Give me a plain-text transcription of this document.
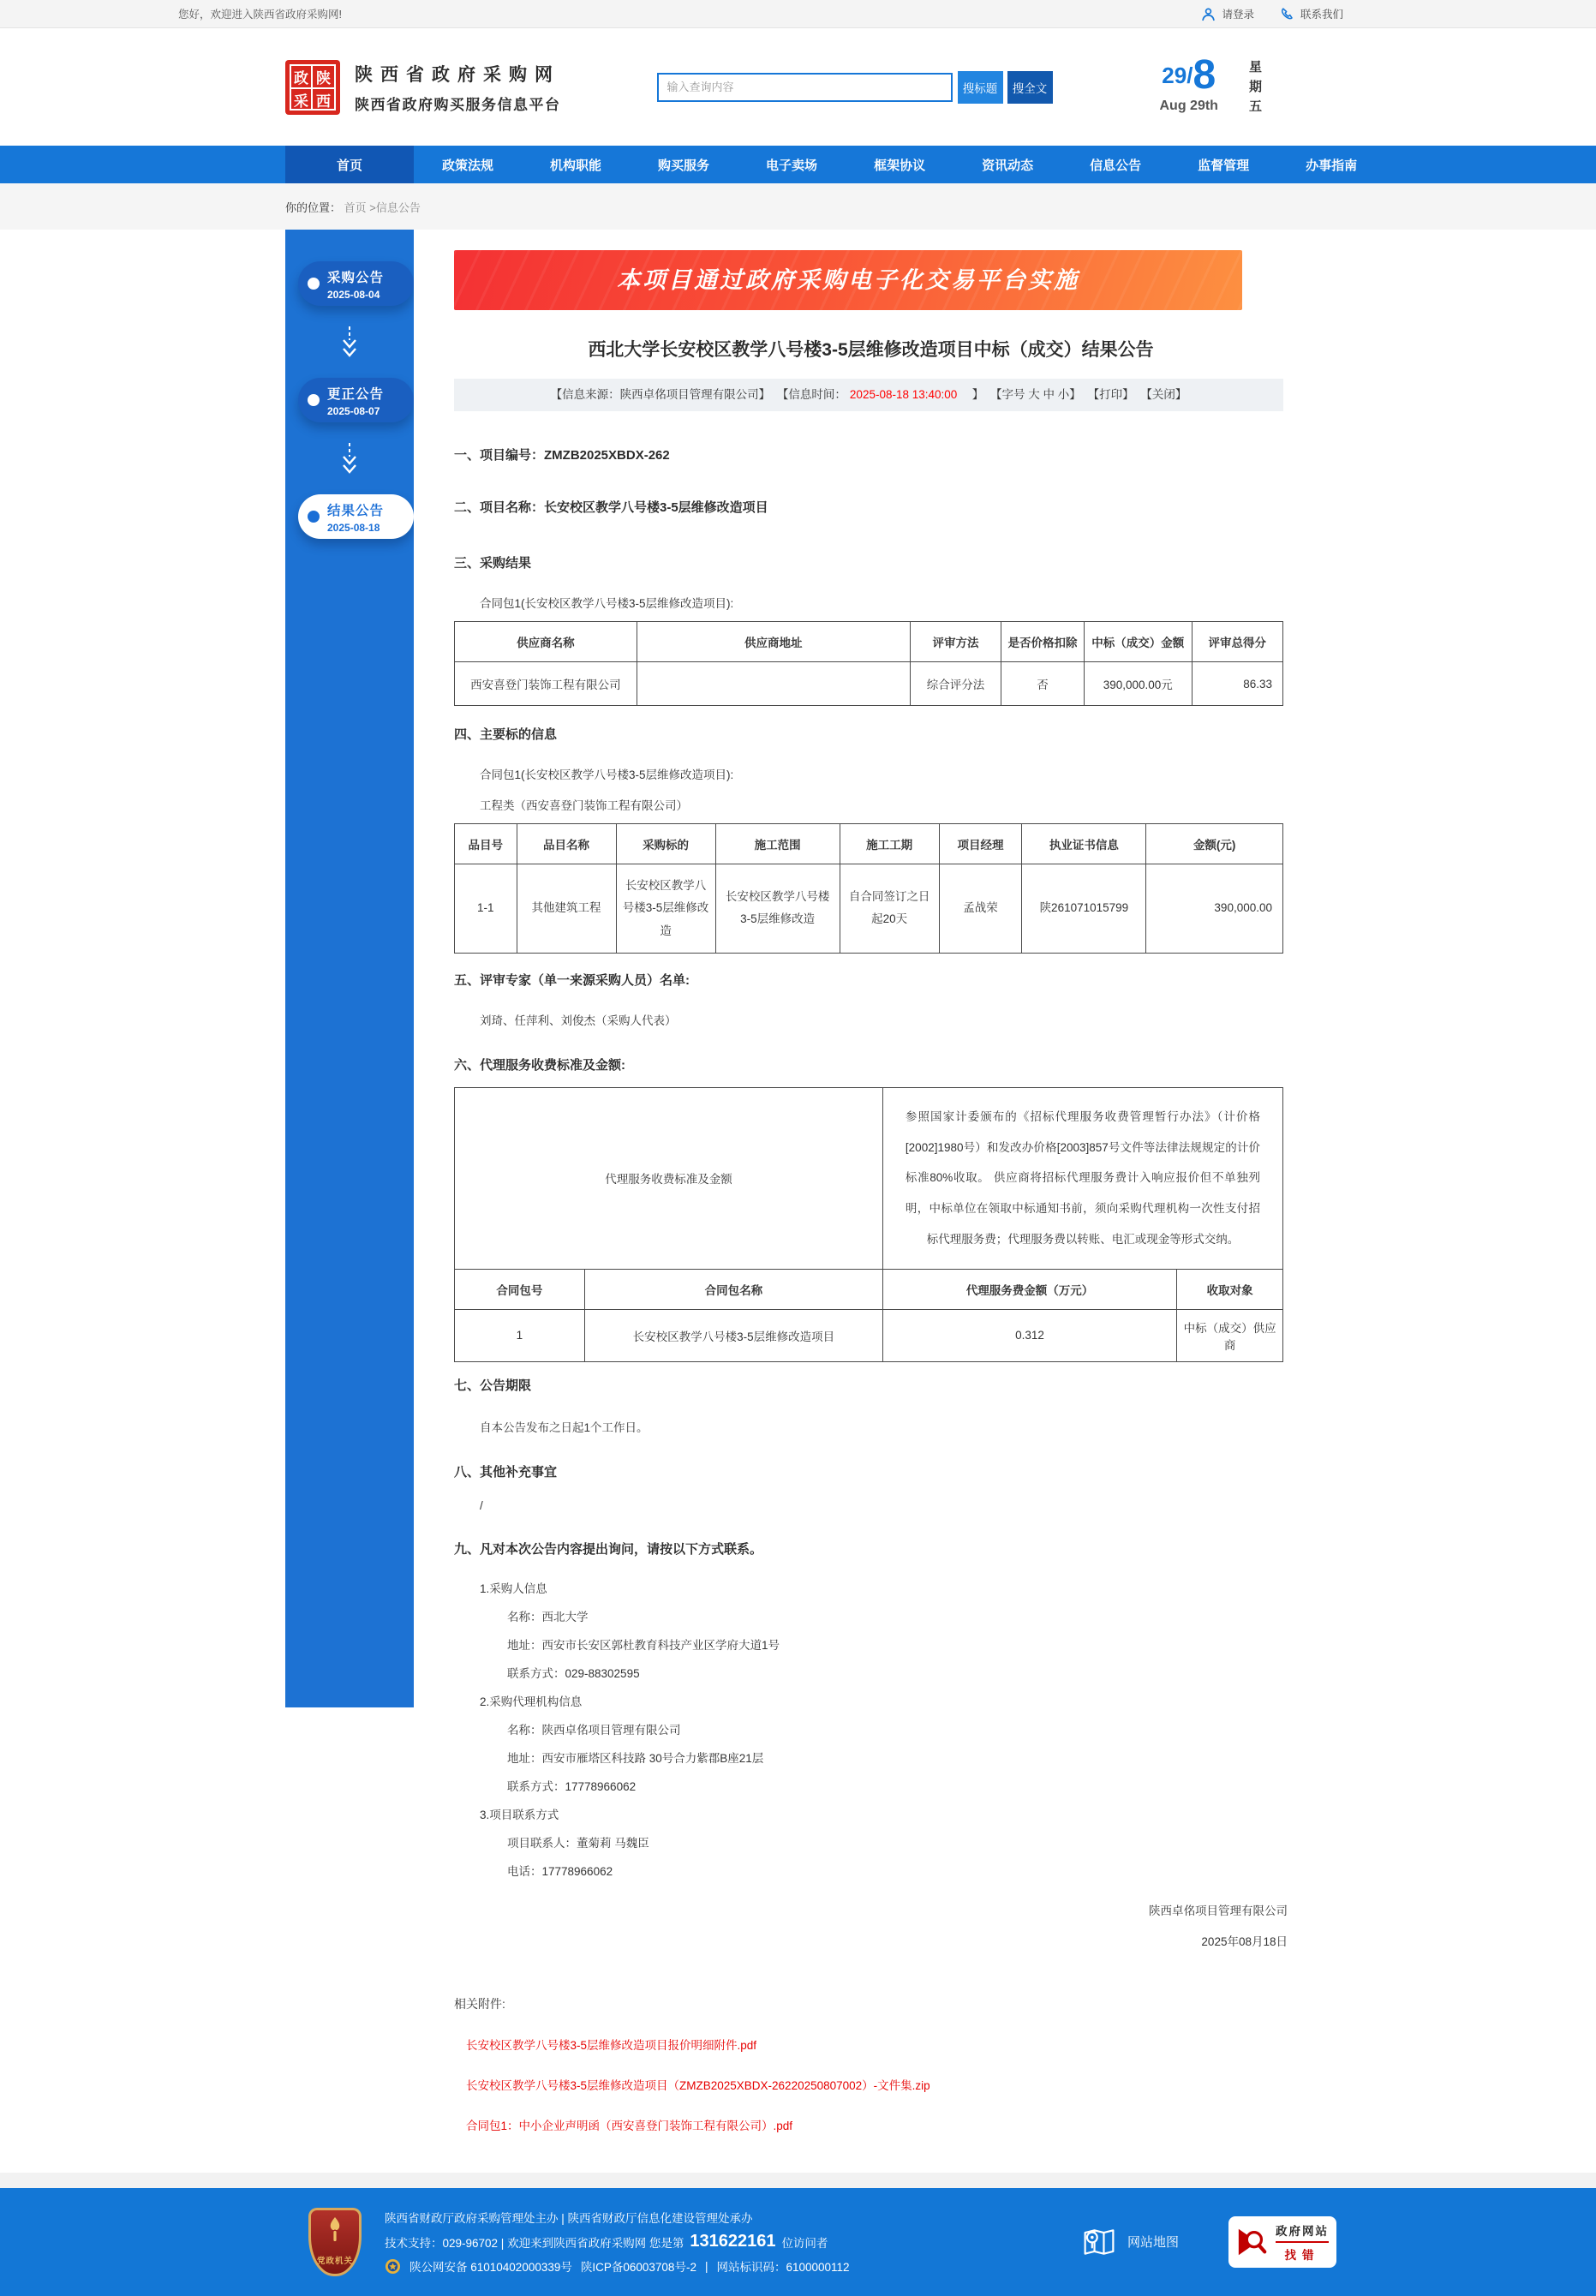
您好，欢迎进入陕西省政府采购网!	请登录	联系我们
政 陕
采 西
陕西省政府采购网
陕西省政府购买服务信息平台
输入查询内容
搜标题	搜全文
29 / 8
Aug 29th 星期五
首页	政策法规	机构职能	购买服务	电子卖场	框架协议	资讯动态	信息公告	监督管理	办事指南
你的位置： 首页 >信息公告
采购公告
2025-08-04
更正公告
2025-08-07
结果公告
2025-08-18
本项目通过政府采购电子化交易平台实施
西北大学长安校区教学八号楼3-5层维修改造项目中标（成交）结果公告
【信息来源：陕西卓佲项目管理有限公司】 【信息时间： 2025-08-18 13:40:00　】 【字号 大 中 小】 【打印】 【关闭】
一、项目编号：ZMZB2025XBDX-262
二、项目名称：长安校区教学八号楼3-5层维修改造项目
三、采购结果
合同包1(长安校区教学八号楼3-5层维修改造项目):
供应商名称	供应商地址	评审方法	是否价格扣除	中标（成交）金额	评审总得分
西安喜登门装饰工程有限公司		综合评分法	否	390,000.00元	86.33
四、主要标的信息
合同包1(长安校区教学八号楼3-5层维修改造项目):
工程类（西安喜登门装饰工程有限公司）
品目号	品目名称	采购标的	施工范围	施工工期	项目经理	执业证书信息	金额(元)
1-1	其他建筑工程	长安校区教学八号楼3-5层维修改造	长安校区教学八号楼3-5层维修改造	自合同签订之日起20天	孟战荣	陕261071015799	390,000.00
五、评审专家（单一来源采购人员）名单:
刘琦、任萍利、刘俊杰（采购人代表）
六、代理服务收费标准及金额:
代理服务收费标准及金额		参照国家计委颁布的《招标代理服务收费管理暂行办法》（计价格[2002]1980号）和发改办价格[2003]857号文件等法律法规规定的计价标准80%收取。 供应商将招标代理服务费计入响应报价但不单独列明，中标单位在领取中标通知书前，须向采购代理机构一次性支付招标代理服务费；代理服务费以转账、电汇或现金等形式交纳。	
合同包号	合同包名称	代理服务费金额（万元）	收取对象
1	长安校区教学八号楼3-5层维修改造项目	0.312	中标（成交）供应商
七、公告期限
自本公告发布之日起1个工作日。
八、其他补充事宜
/
九、凡对本次公告内容提出询问，请按以下方式联系。
1.采购人信息
名称：西北大学
地址：西安市长安区郭杜教育科技产业区学府大道1号
联系方式：029-88302595
2.采购代理机构信息
名称：陕西卓佲项目管理有限公司
地址：西安市雁塔区科技路 30号合力紫郡B座21层
联系方式：17778966062
3.项目联系方式
项目联系人：董菊莉 马魏臣
电话：17778966062
陕西卓佲项目管理有限公司
2025年08月18日
相关附件:
长安校区教学八号楼3-5层维修改造项目报价明细附件.pdf
长安校区教学八号楼3-5层维修改造项目（ZMZB2025XBDX-26220250807002）-文件集.zip
合同包1：中小企业声明函（西安喜登门装饰工程有限公司）.pdf
党政机关
陕西省财政厅政府采购管理处主办 | 陕西省财政厅信息化建设管理处承办
技术支持：029-96702 | 欢迎来到陕西省政府采购网 您是第 131622161 位访问者
陕公网安备 61010402000339号 陕ICP备06003708号-2 | 网站标识码：6100000112
网站地图
政府网站
找错
